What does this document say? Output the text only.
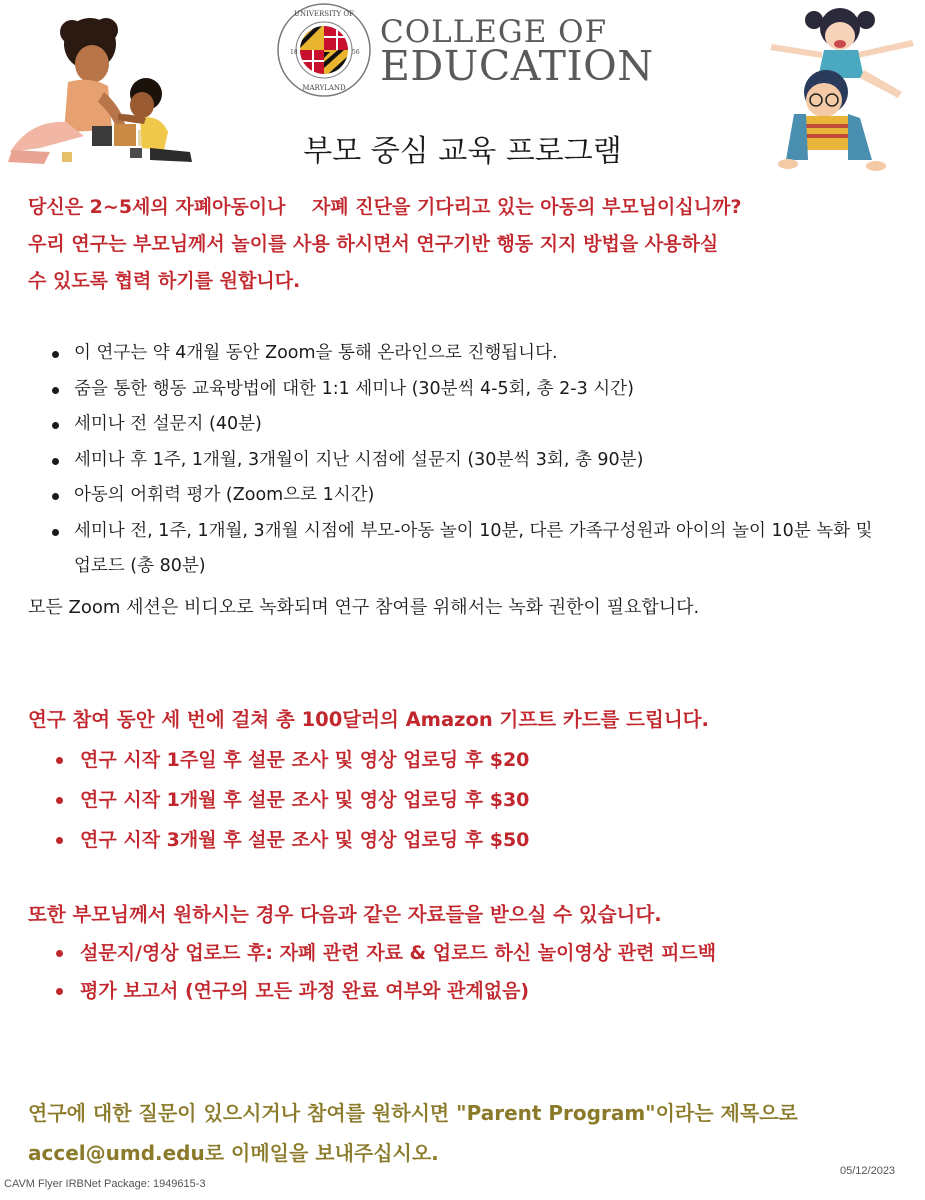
UNIVERSITY OF
18	56
MARYLAND
COLLEGE OF
EDUCATION
부모 중심 교육 프로그램
당신은 2~5세의 자폐아동이나    자폐 진단을 기다리고 있는 아동의 부모님이십니까?
우리 연구는 부모님께서 놀이를 사용 하시면서 연구기반 행동 지지 방법을 사용하실
수 있도록 협력 하기를 원합니다.
이 연구는 약 4개월 동안 Zoom을 통해 온라인으로 진행됩니다.
줌을 통한 행동 교육방법에 대한 1:1 세미나 (30분씩 4-5회, 총 2-3 시간)
세미나 전 설문지 (40분)
세미나 후 1주, 1개월, 3개월이 지난 시점에 설문지 (30분씩 3회, 총 90분)
아동의 어휘력 평가 (Zoom으로 1시간)
세미나 전, 1주, 1개월, 3개월 시점에 부모-아동 놀이 10분, 다른 가족구성원과 아이의 놀이 10분 녹화 및 업로드 (총 80분)
모든 Zoom 세션은 비디오로 녹화되며 연구 참여를 위해서는 녹화 권한이 필요합니다.
연구 참여 동안 세 번에 걸쳐 총 100달러의 Amazon 기프트 카드를 드립니다.
연구 시작 1주일 후 설문 조사 및 영상 업로딩 후 $20
연구 시작 1개월 후 설문 조사 및 영상 업로딩 후 $30
연구 시작 3개월 후 설문 조사 및 영상 업로딩 후 $50
또한 부모님께서 원하시는 경우 다음과 같은 자료들을 받으실 수 있습니다.
설문지/영상 업로드 후: 자폐 관련 자료 & 업로드 하신 놀이영상 관련 피드백
평가 보고서 (연구의 모든 과정 완료 여부와 관계없음)
연구에 대한 질문이 있으시거나 참여를 원하시면 "Parent Program"이라는 제목으로 accel@umd.edu로 이메일을 보내주십시오.
CAVM Flyer IRBNet Package: 1949615-3
05/12/2023
